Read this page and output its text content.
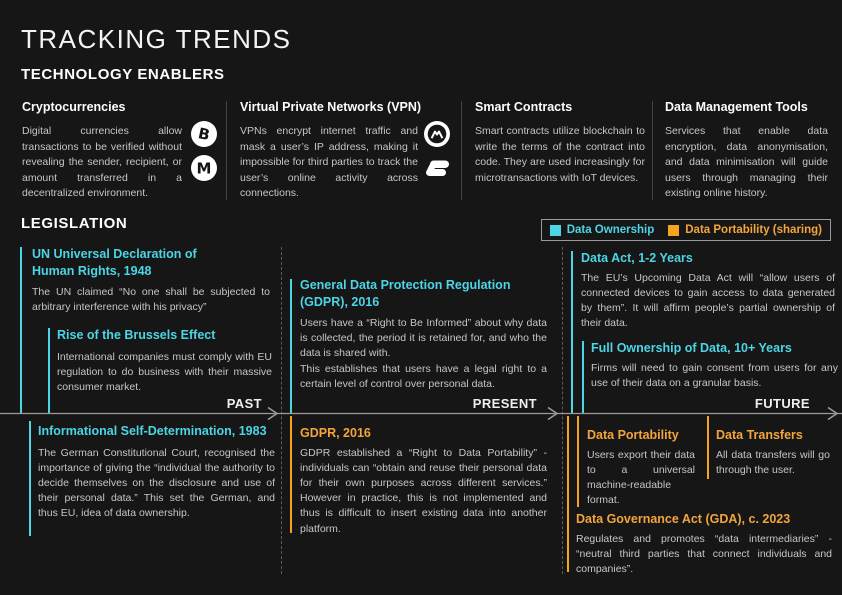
TRACKING TRENDS
TECHNOLOGY ENABLERS
Cryptocurrencies

Digital currencies allow transactions to be verified without revealing the sender, recipient, or amount transferred in a decentralized environment.

Virtual Private Networks (VPN)

VPNs encrypt internet traffic and mask a user’s IP address, making it impossible for third parties to track the user’s online activity across connections.

Smart Contracts

Smart contracts utilize blockchain to write the terms of the contract into code. They are used increasingly for microtransactions with IoT devices.

Data Management Tools

Services that enable data encryption, data anonymisation, and data minimisation will guide users through managing their existing online history.

B
M
LEGISLATION	Data Ownership	Data Portability (sharing)
UN Universal Declaration of Human Rights, 1948

The UN claimed “No one shall be subjected to arbitrary interference with his privacy”

Rise of the Brussels Effect

International companies must comply with EU regulation to do business with their massive consumer market.

Informational Self-Determination, 1983

The German Constitutional Court, recognised the importance of giving the “individual the authority to decide themselves on the disclosure and use of their personal data.” This set the German, and thus EU, idea of data ownership.

General Data Protection Regulation (GDPR), 2016

Users have a “Right to Be Informed” about why data is collected, the period it is retained for, and who the data is shared with.

This establishes that users have a legal right to a certain level of control over personal data.

GDPR, 2016

GDPR established a “Right to Data Portability” - individuals can “obtain and reuse their personal data for their own purposes across different services.” However in practice, this is not implemented and thus is difficult to insert existing data into another platform.

Data Act, 1-2 Years

The EU’s Upcoming Data Act will “allow users of connected devices to gain access to data generated by them”. It will affirm people’s partial ownership of their data.

Full Ownership of Data, 10+ Years

Firms will need to gain consent from users for any use of their data on a granular basis.

Data Portability

Users export their data to a universal machine-readable format.

Data Transfers

All data transfers will go through the user.

Data Governance Act (GDA), c. 2023

Regulates and promotes “data intermediaries” - “neutral third parties that connect individuals and companies”.

PAST	PRESENT	FUTURE
